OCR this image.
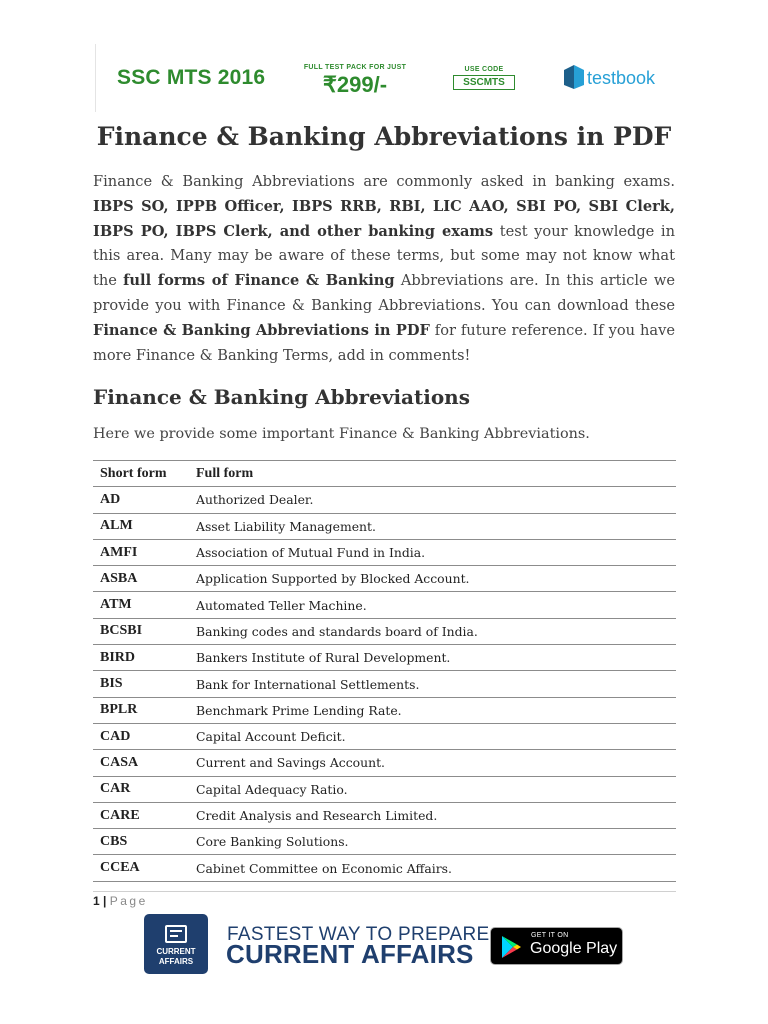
SSC MTS 2016	FULL TEST PACK FOR JUST
₹299/-
USE CODE
SSCMTS	testbook
Finance & Banking Abbreviations in PDF
Finance & Banking Abbreviations are commonly asked in banking exams. IBPS SO, IPPB Officer, IBPS RRB, RBI, LIC AAO, SBI PO, SBI Clerk, IBPS PO, IBPS Clerk, and other banking exams test your knowledge in this area. Many may be aware of these terms, but some may not know what the full forms of Finance & Banking Abbreviations are. In this article we provide you with Finance & Banking Abbreviations. You can download these Finance & Banking Abbreviations in PDF for future reference. If you have more Finance & Banking Terms, add in comments!
Finance & Banking Abbreviations
Here we provide some important Finance & Banking Abbreviations.
Short form	Full form
AD	Authorized Dealer.
ALM	Asset Liability Management.
AMFI	Association of Mutual Fund in India.
ASBA	Application Supported by Blocked Account.
ATM	Automated Teller Machine.
BCSBI	Banking codes and standards board of India.
BIRD	Bankers Institute of Rural Development.
BIS	Bank for International Settlements.
BPLR	Benchmark Prime Lending Rate.
CAD	Capital Account Deficit.
CASA	Current and Savings Account.
CAR	Capital Adequacy Ratio.
CARE	Credit Analysis and Research Limited.
CBS	Core Banking Solutions.
CCEA	Cabinet Committee on Economic Affairs.
1 | Page
CURRENT
AFFAIRS
FASTEST WAY TO PREPARE
CURRENT AFFAIRS
GET IT ON
Google Play
